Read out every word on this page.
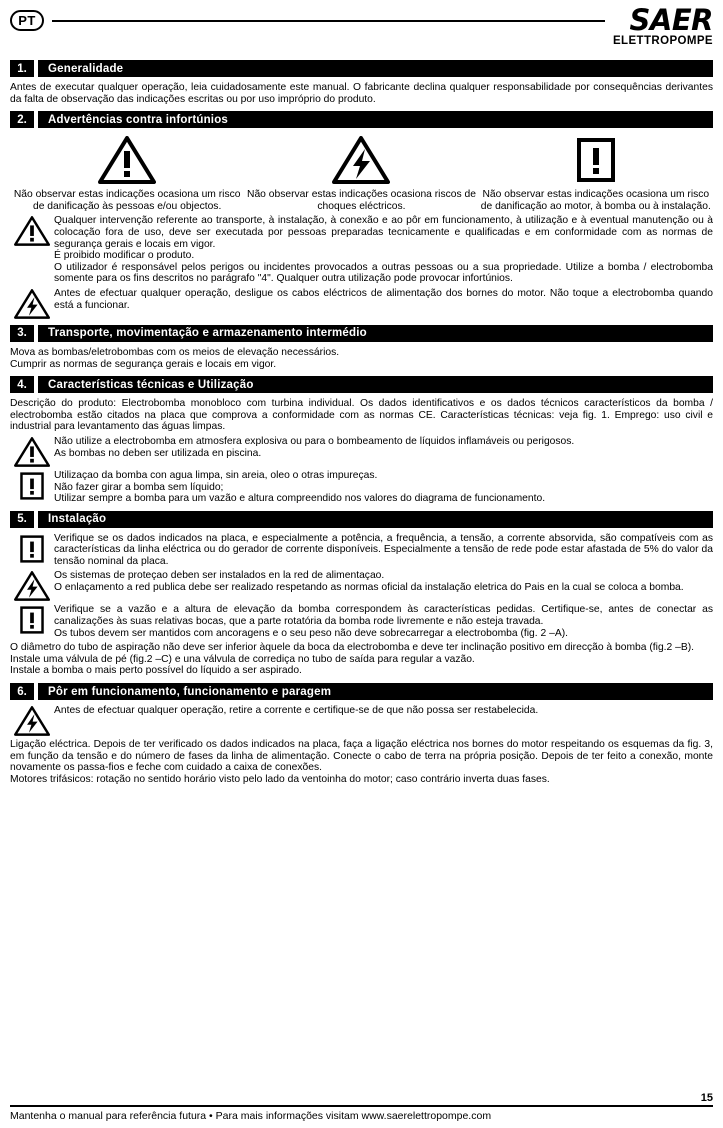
PT	SAER
ELETTROPOMPE
1.	Generalidade

Antes de executar qualquer operação, leia cuidadosamente este manual. O fabricante declina qualquer responsabilidade por consequências derivantes da falta de observação das indicações escritas ou por uso impróprio do produto.

2.	Advertências contra infortúnios
Não observar estas indicações ocasiona um risco de danificação às pessoas e/ou objectos.
Não observar estas indicações ocasiona riscos de choques eléctricos.
Não observar estas indicações ocasiona um risco de danificação ao motor, à bomba ou à instalação.

Qualquer intervenção referente ao transporte, à instalação, à conexão e ao pôr em funcionamento, à utilização e à eventual manutenção ou à colocação fora de uso, deve ser executada por pessoas preparadas tecnicamente e qualificadas e em conformidade com as normas de segurança gerais e locais em vigor.

É proibido modificar o produto.

O utilizador é responsável pelos perigos ou incidentes provocados a outras pessoas ou a sua propriedade. Utilize a bomba / electrobomba somente para os fins descritos no parágrafo "4". Qualquer outra utilização pode provocar infortúnios.

Antes de efectuar qualquer operação, desligue os cabos eléctricos de alimentação dos bornes do motor. Não toque a electrobomba quando está a funcionar.

3.	Transporte, movimentação e armazenamento intermédio

Mova as bombas/eletrobombas com os meios de elevação necessários.

Cumprir as normas de segurança gerais e locais em vigor.

4.	Características técnicas e Utilização

Descrição do produto: Electrobomba monobloco com turbina individual. Os dados identificativos e os dados técnicos característicos da bomba / electrobomba estão citados na placa que comprova a conformidade com as normas CE. Características técnicas: veja fig. 1. Emprego: uso civil e industrial para levantamento das águas limpas.

Não utilize a electrobomba em atmosfera explosiva ou para o bombeamento de líquidos inflamáveis ou perigosos.

As bombas no deben ser utilizada en piscina.

Utilizaçao da bomba con agua limpa, sin areia, oleo o otras impureças.

Não fazer girar a bomba sem líquido;

Utilizar sempre a bomba para um vazão e altura compreendido nos valores do diagrama de funcionamento.

5.	Instalação

Verifique se os dados indicados na placa, e especialmente a potência, a frequência, a tensão, a corrente absorvida, são compatíveis com as características da linha eléctrica ou do gerador de corrente disponíveis. Especialmente a tensão de rede pode estar afastada de 5% do valor da tensão nominal da placa.

Os sistemas de proteçao deben ser instalados en la red de alimentaçao.

O enlaçamento a red publica debe ser realizado respetando as normas oficial da instalação eletrica do Pais en la cual se coloca a bomba.

Verifique se a vazão e a altura de elevação da bomba correspondem às características pedidas. Certifique-se, antes de conectar as canalizações às suas relativas bocas, que a parte rotatória da bomba rode livremente e não esteja travada.

Os tubos devem ser mantidos com ancoragens e o seu peso não deve sobrecarregar a electrobomba (fig. 2 –A).

O diâmetro do tubo de aspiração não deve ser inferior àquele da boca da electrobomba e deve ter inclinação positivo em direcção à bomba (fig.2 –B).

Instale uma válvula de pé (fig.2 –C) e una válvula de corrediça no tubo de saída para regular a vazão.

Instale a bomba o mais perto possível do líquido a ser aspirado.

6.	Pôr em funcionamento, funcionamento e paragem

Antes de efectuar qualquer operação, retire a corrente e certifique-se de que não possa ser restabelecida.

Ligação eléctrica. Depois de ter verificado os dados indicados na placa, faça a ligação eléctrica nos bornes do motor respeitando os esquemas da fig. 3, em função da tensão e do número de fases da linha de alimentação. Conecte o cabo de terra na própria posição. Depois de ter feito a conexão, monte novamente os passa-fios e feche com cuidado a caixa de conexões.

Motores trifásicos: rotação no sentido horário visto pelo lado da ventoinha do motor; caso contrário inverta duas fases.

15
Mantenha o manual para referência futura • Para mais informações visitam www.saerelettropompe.com
